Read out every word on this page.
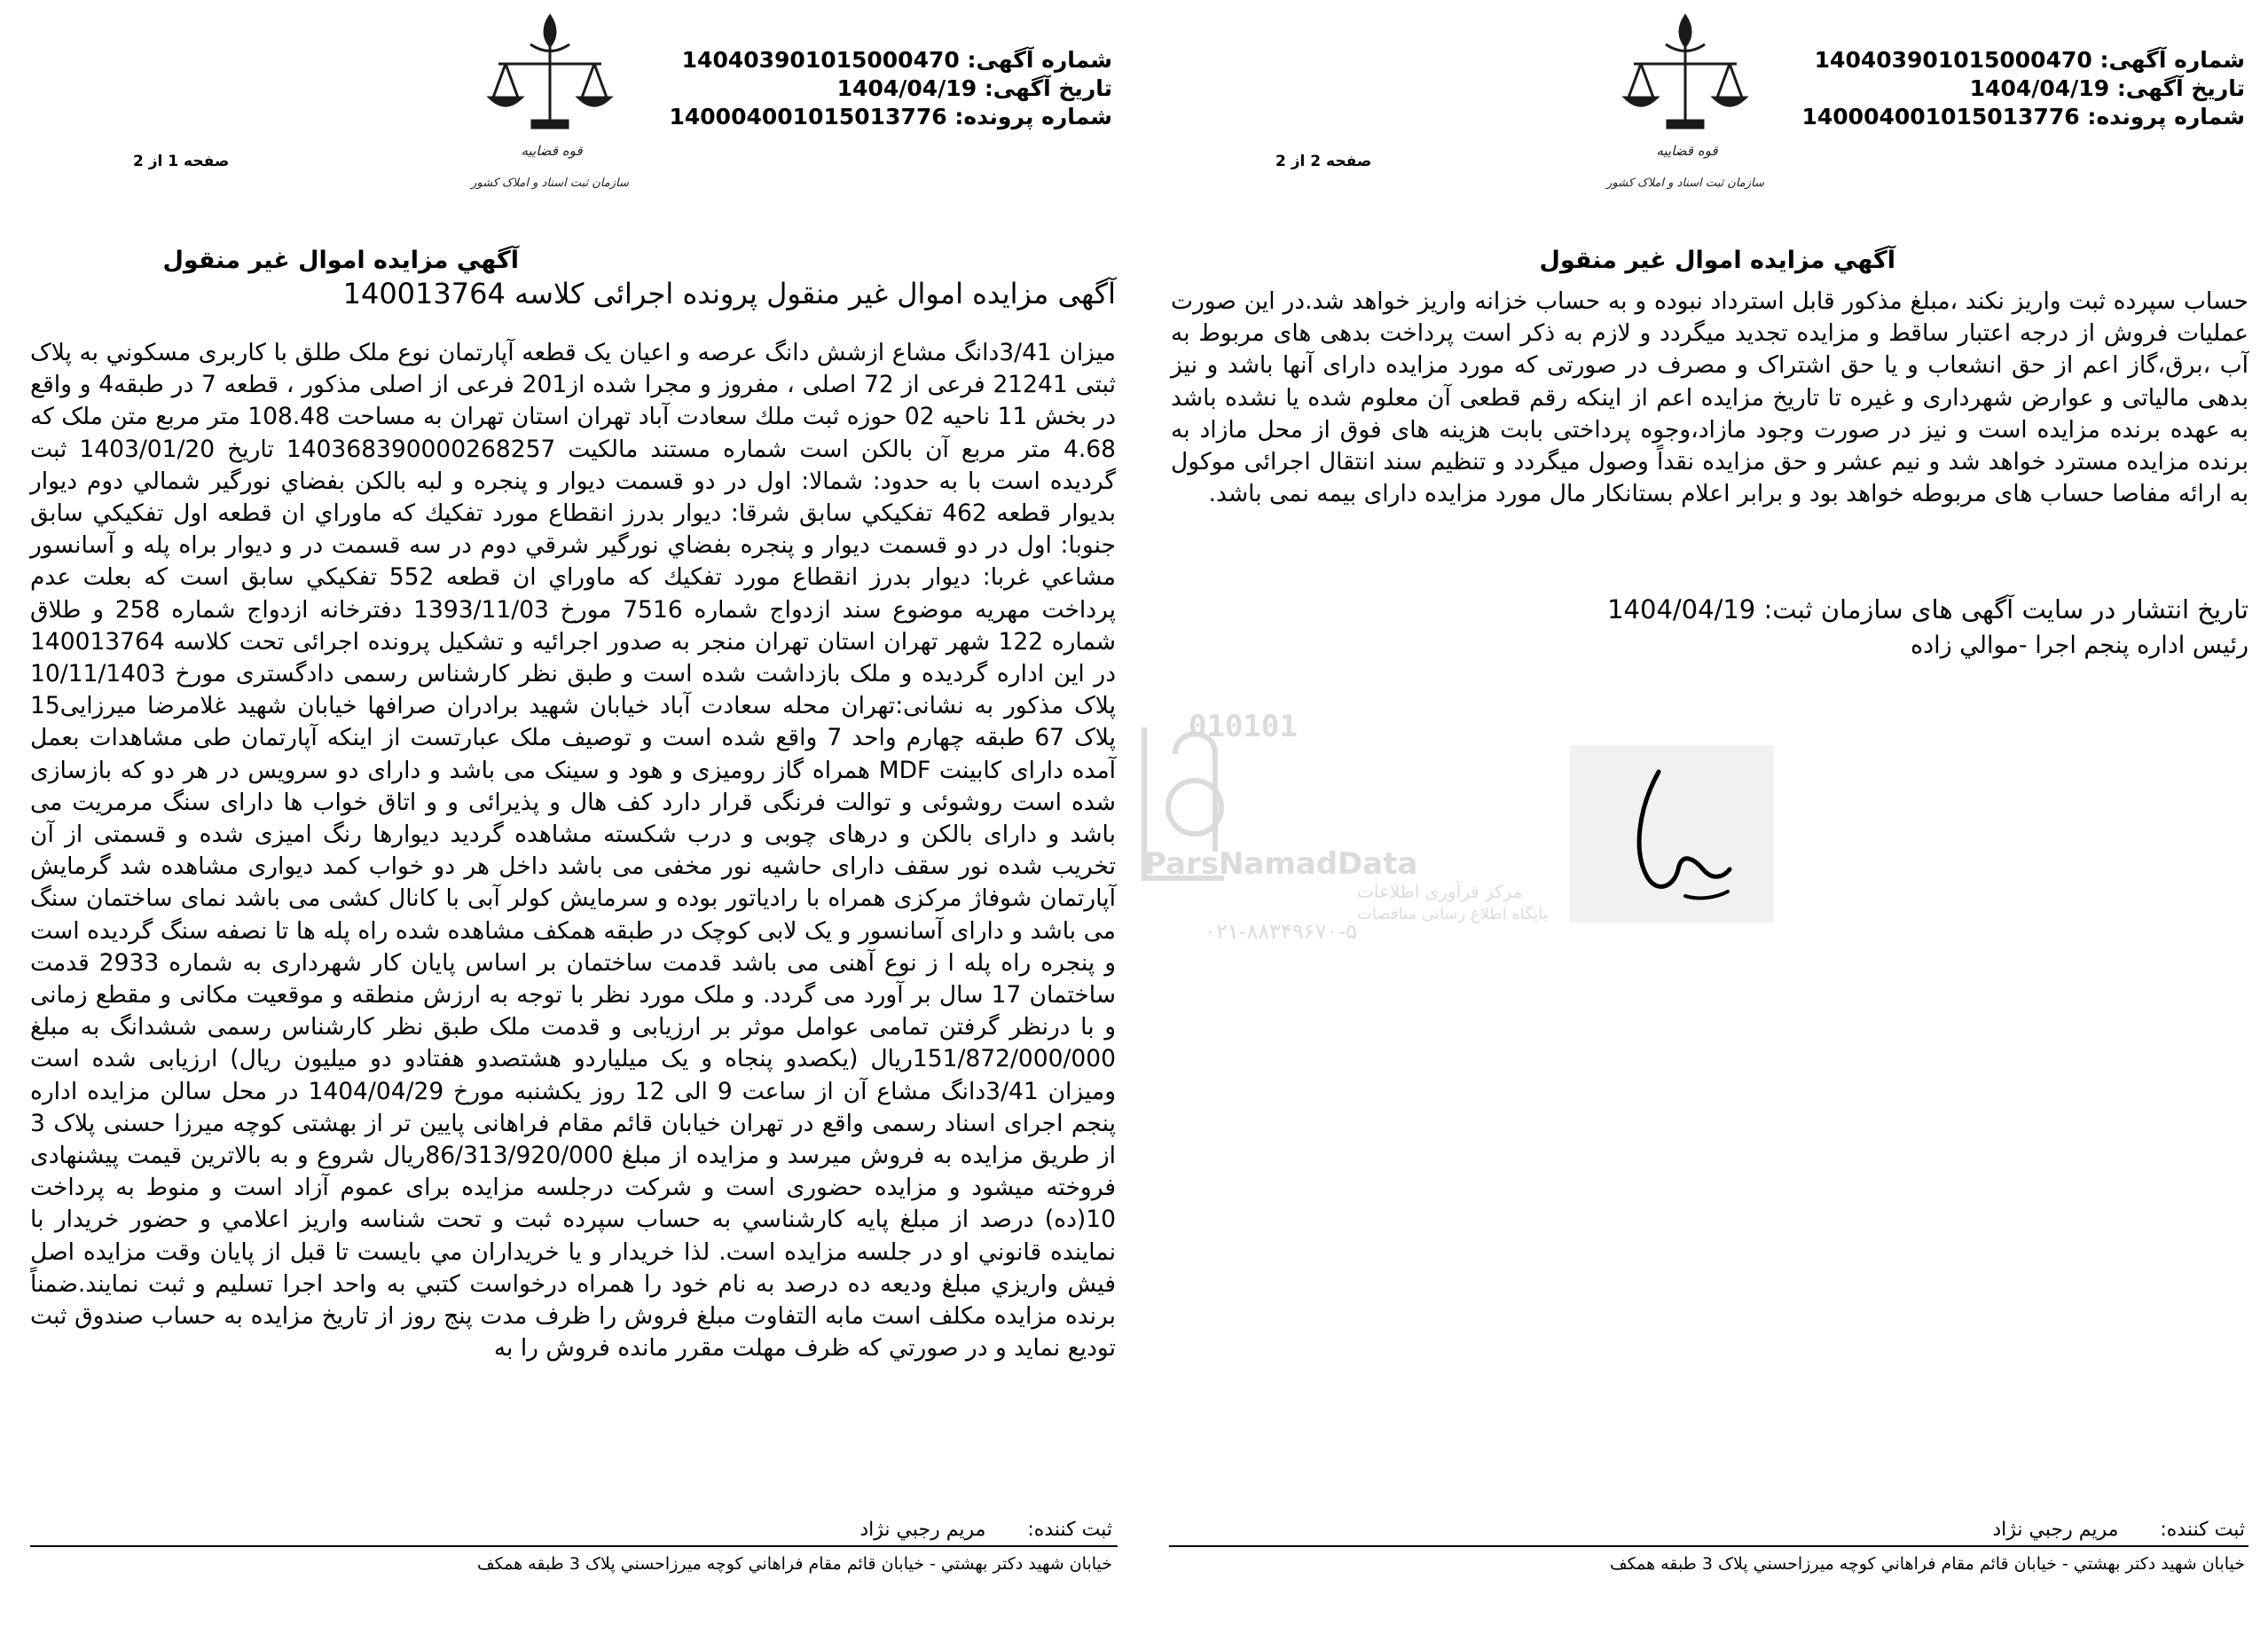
قوه قضاییه
سازمان ثبت اسناد و املاک کشور
شماره آگهی: 140403901015000470
تاریخ آگهی: 1404/04/19
شماره پرونده: 140004001015013776
صفحه 1 از 2
آگهي مزايده اموال غير منقول
آگهی مزایده اموال غیر منقول پرونده اجرائی کلاسه 140013764

میزان 3/41دانگ مشاع ازشش دانگ عرصه و اعیان یک قطعه آپارتمان نوع ملک طلق با کاربری مسکوني به پلاک ثبتی 21241 فرعی از 72 اصلی ، مفروز و مجرا شده از201 فرعی از اصلی مذکور ، قطعه 7 در طبقه4 و واقع در بخش 11 ناحیه 02 حوزه ثبت ملك سعادت آباد تهران استان تهران به مساحت 108.48 متر مربع متن ملک که 4.68 متر مربع آن بالکن است شماره مستند مالکیت 140368390000268257 تاریخ 1403/01/20 ثبت گردیده است با به حدود: شمالا: اول در دو قسمت ديوار و پنجره و لبه بالکن بفضاي نورگير شمالي دوم ديوار بديوار قطعه 462 تفكيكي سابق شرقا: ديوار بدرز انقطاع مورد تفكيك كه ماوراي ان قطعه اول تفكيكي سابق جنوبا: اول در دو قسمت ديوار و پنجره بفضاي نورگير شرقي دوم در سه قسمت در و ديوار براه پله و آسانسور مشاعي غربا: ديوار بدرز انقطاع مورد تفكيك كه ماوراي ان قطعه 552 تفكيكي سابق است که بعلت عدم پرداخت مهریه موضوع سند ازدواج شماره 7516 مورخ 1393/11/03 دفترخانه ازدواج شماره 258 و طلاق شماره 122 شهر تهران استان تهران منجر به صدور اجرائیه و تشکیل پرونده اجرائی تحت کلاسه 140013764 در این اداره گردیده و ملک بازداشت شده است و طبق نظر کارشناس رسمی دادگستری مورخ 10/11/1403 پلاک مذکور به نشانی:تهران محله سعادت آباد خیابان شهید برادران صرافها خیابان شهید غلامرضا میرزایی15 پلاک 67 طبقه چهارم واحد 7 واقع شده است و توصیف ملک عبارتست از اینکه آپارتمان طی مشاهدات بعمل آمده دارای کابینت MDF همراه گاز رومیزی و هود و سینک می باشد و دارای دو سرویس در هر دو که بازسازی شده است روشوئی و توالت فرنگی قرار دارد کف هال و پذیرائی و و اتاق خواب ها دارای سنگ مرمریت می باشد و دارای بالکن و درهای چوبی و درب شکسته مشاهده گردید دیوارها رنگ امیزی شده و قسمتی از آن تخریب شده نور سقف دارای حاشیه نور مخفی می باشد داخل هر دو خواب کمد دیواری مشاهده شد گرمایش آپارتمان شوفاژ مرکزی همراه با رادیاتور بوده و سرمایش کولر آبی با کانال کشی می باشد نمای ساختمان سنگ می باشد و دارای آسانسور و یک لابی کوچک در طبقه همکف مشاهده شده راه پله ها تا نصفه سنگ گردیده است و پنجره راه پله ا ز نوع آهنی می باشد قدمت ساختمان بر اساس پایان کار شهرداری به شماره 2933 قدمت ساختمان 17 سال بر آورد می گردد. و ملک مورد نظر با توجه به ارزش منطقه و موقعیت مکانی و مقطع زمانی و با درنظر گرفتن تمامی عوامل موثر بر ارزیابی و قدمت ملک طبق نظر کارشناس رسمی ششدانگ به مبلغ 151/872/000/000ریال (یکصدو پنجاه و یک میلیاردو هشتصدو هفتادو دو میلیون ریال) ارزیابی شده است ومیزان 3/41دانگ مشاع آن از ساعت 9 الی 12 روز یکشنبه مورخ 1404/04/29 در محل سالن مزایده اداره پنجم اجرای اسناد رسمی واقع در تهران خیابان قائم مقام فراهانی پایین تر از بهشتی کوچه میرزا حسنی پلاک 3 از طریق مزایده به فروش میرسد و مزایده از مبلغ 86/313/920/000ریال شروع و به بالاترین قیمت پیشنهادی فروخته میشود و مزایده حضوری است و شرکت درجلسه مزایده برای عموم آزاد است و منوط به پرداخت 10(ده) درصد از مبلغ پایه کارشناسي به حساب سپرده ثبت و تحت شناسه واریز اعلامي و حضور خریدار با نماینده قانوني او در جلسه مزایده است. لذا خریدار و یا خریداران مي بایست تا قبل از پایان وقت مزایده اصل فیش واریزي مبلغ ودیعه ده درصد به نام خود را همراه درخواست کتبي به واحد اجرا تسلیم و ثبت نمایند.ضمناً برنده مزایده مکلف است مابه التفاوت مبلغ فروش را ظرف مدت پنج روز از تاریخ مزایده به حساب صندوق ثبت تودیع نماید و در صورتي که ظرف مهلت مقرر مانده فروش را به

ثبت کننده: مريم رجبي نژاد
خيابان شهيد دکتر بهشتي - خيابان قائم مقام فراهاني کوچه ميرزاحسني پلاک 3 طبقه همکف
قوه قضاییه
سازمان ثبت اسناد و املاک کشور
شماره آگهی: 140403901015000470
تاریخ آگهی: 1404/04/19
شماره پرونده: 140004001015013776
صفحه 2 از 2
آگهي مزايده اموال غير منقول

حساب سپرده ثبت واریز نکند ،مبلغ مذکور قابل استرداد نبوده و به حساب خزانه واریز خواهد شد.در این صورت عملیات فروش از درجه اعتبار ساقط و مزایده تجدید میگردد و لازم به ذکر است پرداخت بدهی های مربوط به آب ،برق،گاز اعم از حق انشعاب و یا حق اشتراک و مصرف در صورتی که مورد مزایده دارای آنها باشد و نیز بدهی مالیاتی و عوارض شهرداری و غیره تا تاریخ مزایده اعم از اینکه رقم قطعی آن معلوم شده یا نشده باشد به عهده برنده مزایده است و نیز در صورت وجود مازاد،وجوه پرداختی بابت هزینه های فوق از محل مازاد به برنده مزایده مسترد خواهد شد و نیم عشر و حق مزایده نقداً وصول میگردد و تنظیم سند انتقال اجرائی موکول به ارائه مفاصا حساب های مربوطه خواهد بود و برابر اعلام بستانکار مال مورد مزایده دارای بیمه نمی باشد.

تاریخ انتشار در سایت آگهی های سازمان ثبت: 1404/04/19
رئیس اداره پنجم اجرا -موالي زاده
ثبت کننده: مريم رجبي نژاد
خيابان شهيد دکتر بهشتي - خيابان قائم مقام فراهاني کوچه ميرزاحسني پلاک 3 طبقه همکف
010101
ParsNamadData
مرکز فرآوری اطلاعات
پایگاه اطلاع رسانی مناقصات
۰۲۱-۸۸۳۴۹۶۷۰-۵
